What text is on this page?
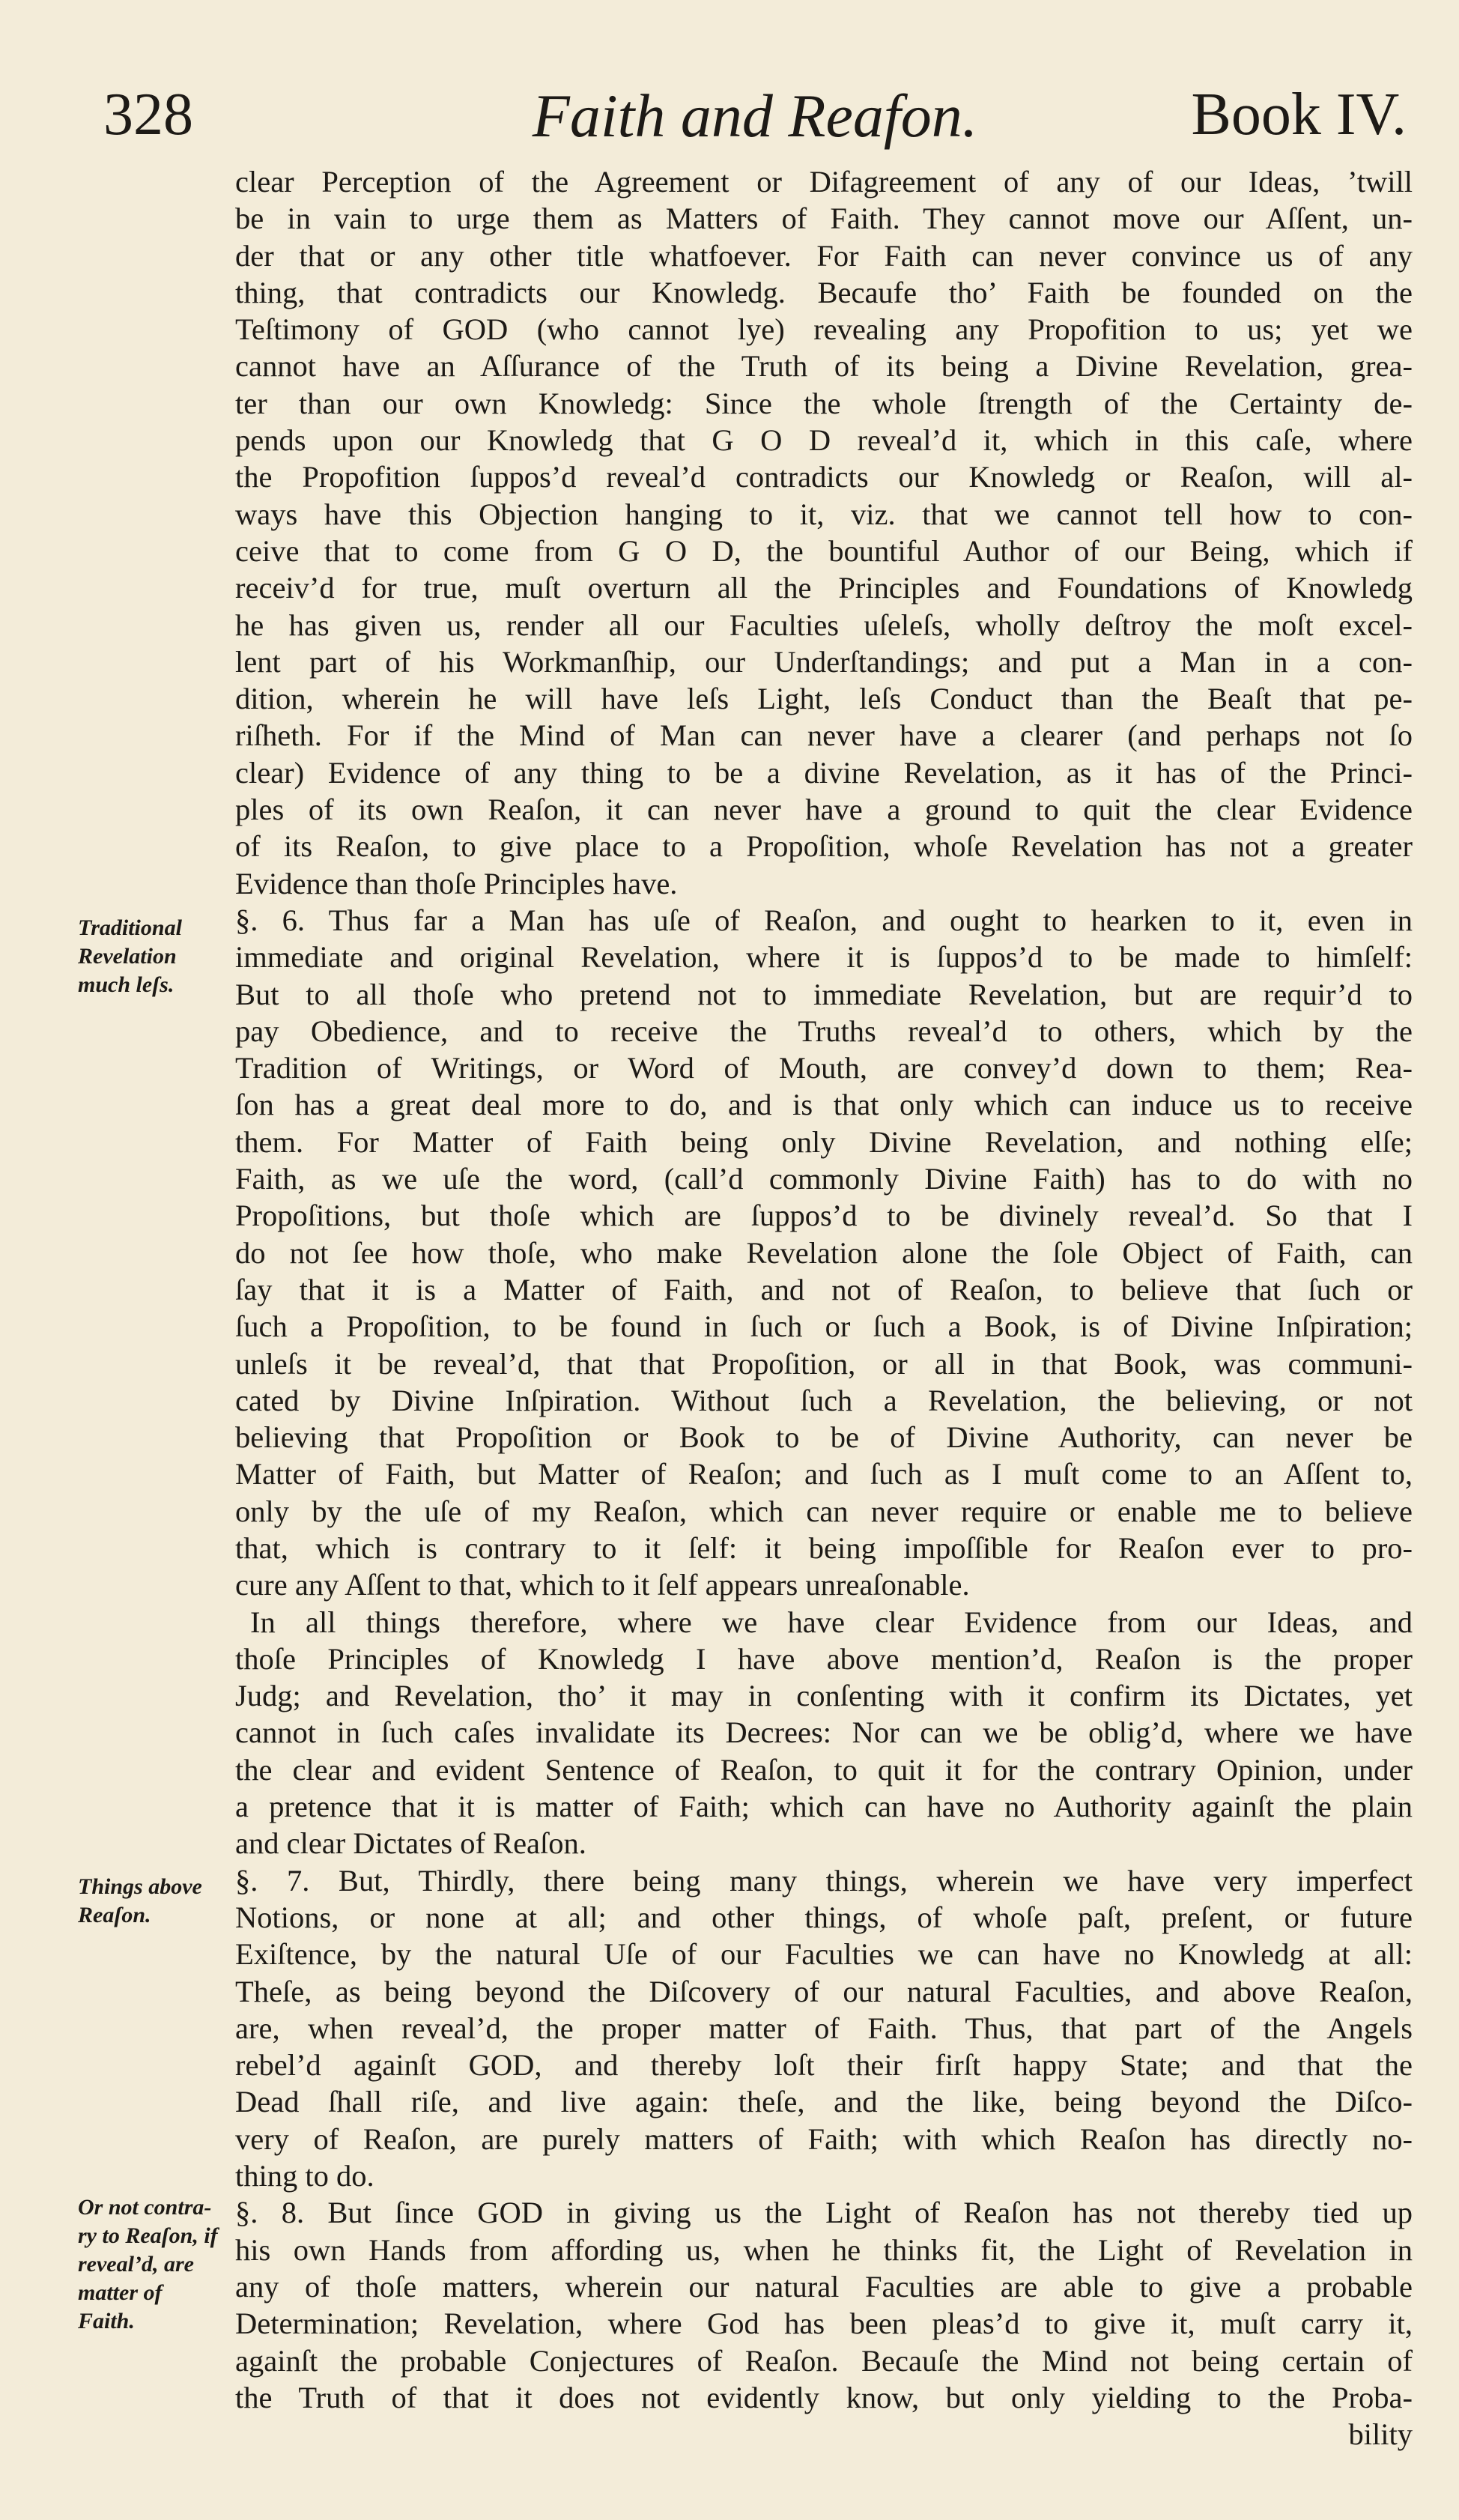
328	Faith and Reafon.	Book IV.
clear Perception of the Agreement or Difagreement of any of our Ideas, ’twill
be in vain to urge them as Matters of Faith. They cannot move our Aſſent, un-
der that or any other title whatfoever. For Faith can never convince us of any
thing, that contradicts our Knowledg. Becaufe tho’ Faith be founded on the
Teſtimony of GOD (who cannot lye) revealing any Propofition to us; yet we
cannot have an Aſſurance of the Truth of its being a Divine Revelation, grea-
ter than our own Knowledg: Since the whole ſtrength of the Certainty de-
pends upon our Knowledg that G O D reveal’d it, which in this caſe, where
the Propofition ſuppos’d reveal’d contradicts our Knowledg or Reaſon, will al-
ways have this Objection hanging to it, viz. that we cannot tell how to con-
ceive that to come from G O D, the bountiful Author of our Being, which if
receiv’d for true, muſt overturn all the Principles and Foundations of Knowledg
he has given us, render all our Faculties uſeleſs, wholly deſtroy the moſt excel-
lent part of his Workmanſhip, our Underſtandings; and put a Man in a con-
dition, wherein he will have leſs Light, leſs Conduct than the Beaſt that pe-
riſheth. For if the Mind of Man can never have a clearer (and perhaps not ſo
clear) Evidence of any thing to be a divine Revelation, as it has of the Princi-
ples of its own Reaſon, it can never have a ground to quit the clear Evidence
of its Reaſon, to give place to a Propoſition, whoſe Revelation has not a greater
Evidence than thoſe Principles have.
§. 6. Thus far a Man has uſe of Reaſon, and ought to hearken to it, even in
immediate and original Revelation, where it is ſuppos’d to be made to himſelf:
But to all thoſe who pretend not to immediate Revelation, but are requir’d to
pay Obedience, and to receive the Truths reveal’d to others, which by the
Tradition of Writings, or Word of Mouth, are convey’d down to them; Rea-
ſon has a great deal more to do, and is that only which can induce us to receive
them. For Matter of Faith being only Divine Revelation, and nothing elſe;
Faith, as we uſe the word, (call’d commonly Divine Faith) has to do with no
Propoſitions, but thoſe which are ſuppos’d to be divinely reveal’d. So that I
do not ſee how thoſe, who make Revelation alone the ſole Object of Faith, can
ſay that it is a Matter of Faith, and not of Reaſon, to believe that ſuch or
ſuch a Propoſition, to be found in ſuch or ſuch a Book, is of Divine Inſpiration;
unleſs it be reveal’d, that that Propoſition, or all in that Book, was communi-
cated by Divine Inſpiration. Without ſuch a Revelation, the believing, or not
believing that Propoſition or Book to be of Divine Authority, can never be
Matter of Faith, but Matter of Reaſon; and ſuch as I muſt come to an Aſſent to,
only by the uſe of my Reaſon, which can never require or enable me to believe
that, which is contrary to it ſelf: it being impoſſible for Reaſon ever to pro-
cure any Aſſent to that, which to it ſelf appears unreaſonable.
In all things therefore, where we have clear Evidence from our Ideas, and
thoſe Principles of Knowledg I have above mention’d, Reaſon is the proper
Judg; and Revelation, tho’ it may in conſenting with it confirm its Dictates, yet
cannot in ſuch caſes invalidate its Decrees: Nor can we be oblig’d, where we have
the clear and evident Sentence of Reaſon, to quit it for the contrary Opinion, under
a pretence that it is matter of Faith; which can have no Authority againſt the plain
and clear Dictates of Reaſon.
§. 7. But, Thirdly, there being many things, wherein we have very imperfect
Notions, or none at all; and other things, of whoſe paſt, preſent, or future
Exiſtence, by the natural Uſe of our Faculties we can have no Knowledg at all:
Theſe, as being beyond the Diſcovery of our natural Faculties, and above Reaſon,
are, when reveal’d, the proper matter of Faith. Thus, that part of the Angels
rebel’d againſt GOD, and thereby loſt their firſt happy State; and that the
Dead ſhall riſe, and live again: theſe, and the like, being beyond the Diſco-
very of Reaſon, are purely matters of Faith; with which Reaſon has directly no-
thing to do.
§. 8. But ſince GOD in giving us the Light of Reaſon has not thereby tied up
his own Hands from affording us, when he thinks fit, the Light of Revelation in
any of thoſe matters, wherein our natural Faculties are able to give a probable
Determination; Revelation, where God has been pleas’d to give it, muſt carry it,
againſt the probable Conjectures of Reaſon. Becauſe the Mind not being certain of
the Truth of that it does not evidently know, but only yielding to the Proba-
bility
Traditional
Revelation
much leſs.
Things above
Reaſon.
Or not contra-
ry to Reaſon, if
reveal’d, are
matter of
Faith.
